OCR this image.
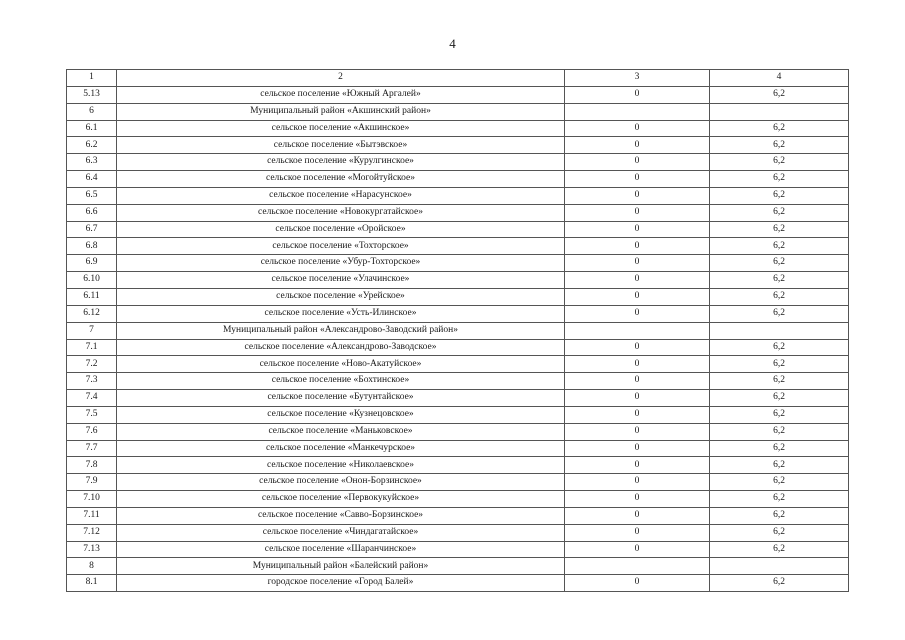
4
1	2	3	4
5.13	сельское поселение «Южный Аргалей»	0	6,2
6	Муниципальный район «Акшинский район»		
6.1	сельское поселение «Акшинское»	0	6,2
6.2	сельское поселение «Бытэвское»	0	6,2
6.3	сельское поселение «Курулгинское»	0	6,2
6.4	сельское поселение «Могойтуйское»	0	6,2
6.5	сельское поселение «Нарасунское»	0	6,2
6.6	сельское поселение «Новокургатайское»	0	6,2
6.7	сельское поселение «Оройское»	0	6,2
6.8	сельское поселение «Тохторское»	0	6,2
6.9	сельское поселение «Убур-Тохторское»	0	6,2
6.10	сельское поселение «Улачинское»	0	6,2
6.11	сельское поселение «Урейское»	0	6,2
6.12	сельское поселение «Усть-Илинское»	0	6,2
7	Муниципальный район «Александрово-Заводский район»		
7.1	сельское поселение «Александрово-Заводское»	0	6,2
7.2	сельское поселение «Ново-Акатуйское»	0	6,2
7.3	сельское поселение «Бохтинское»	0	6,2
7.4	сельское поселение «Бутунтайское»	0	6,2
7.5	сельское поселение «Кузнецовское»	0	6,2
7.6	сельское поселение «Маньковское»	0	6,2
7.7	сельское поселение «Манкечурское»	0	6,2
7.8	сельское поселение «Николаевское»	0	6,2
7.9	сельское поселение «Онон-Борзинское»	0	6,2
7.10	сельское поселение «Первокукуйское»	0	6,2
7.11	сельское поселение «Савво-Борзинское»	0	6,2
7.12	сельское поселение «Чиндагатайское»	0	6,2
7.13	сельское поселение «Шаранчинское»	0	6,2
8	Муниципальный район «Балейский район»		
8.1	городское поселение «Город Балей»	0	6,2
